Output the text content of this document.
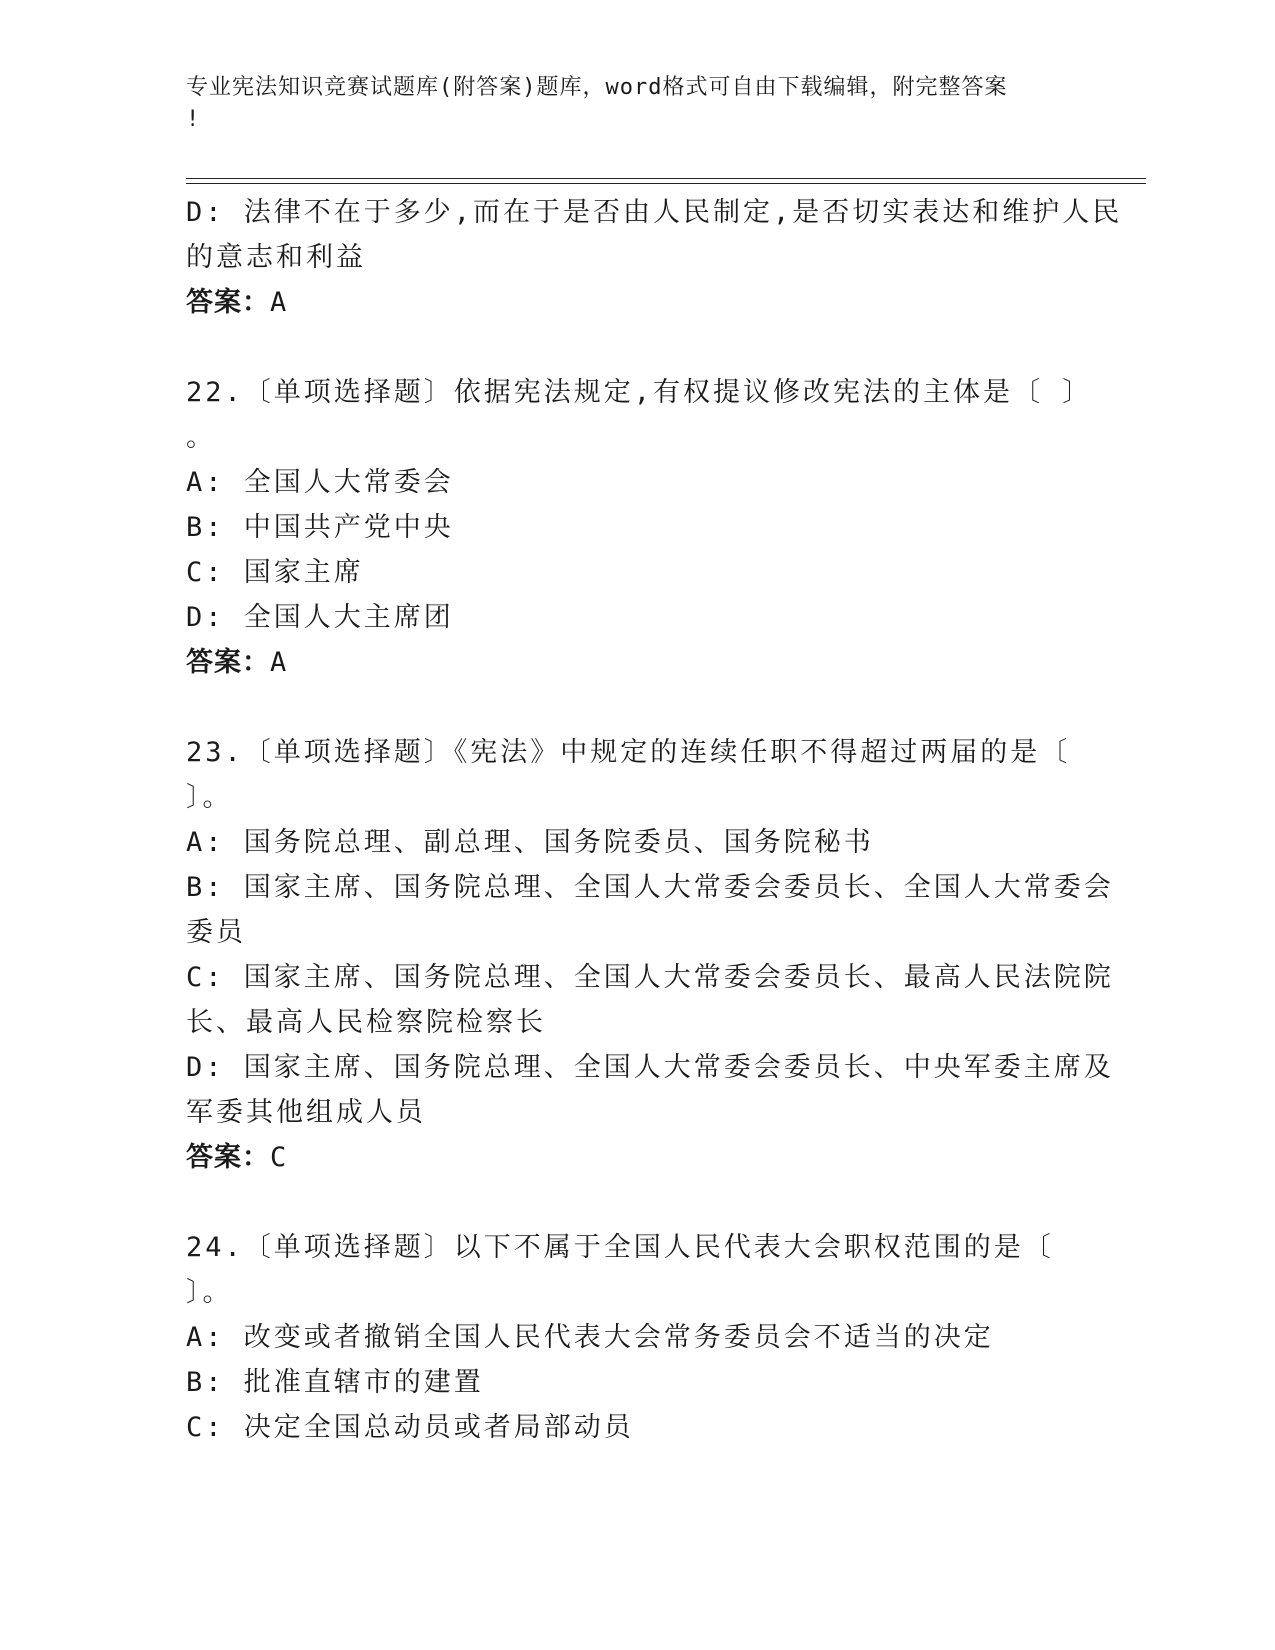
专业宪法知识竞赛试题库(附答案)题库，word格式可自由下载编辑，附完整答案
!
D: 法律不在于多少,而在于是否由人民制定,是否切实表达和维护人民
的意志和利益
答案：A
22.〔单项选择题〕依据宪法规定,有权提议修改宪法的主体是〔 〕
。
A: 全国人大常委会
B: 中国共产党中央
C: 国家主席
D: 全国人大主席团
答案：A
23.〔单项选择题〕《宪法》中规定的连续任职不得超过两届的是〔
〕。
A: 国务院总理、副总理、国务院委员、国务院秘书
B: 国家主席、国务院总理、全国人大常委会委员长、全国人大常委会
委员
C: 国家主席、国务院总理、全国人大常委会委员长、最高人民法院院
长、最高人民检察院检察长
D: 国家主席、国务院总理、全国人大常委会委员长、中央军委主席及
军委其他组成人员
答案：C
24.〔单项选择题〕以下不属于全国人民代表大会职权范围的是〔
〕。
A: 改变或者撤销全国人民代表大会常务委员会不适当的决定
B: 批准直辖市的建置
C: 决定全国总动员或者局部动员
